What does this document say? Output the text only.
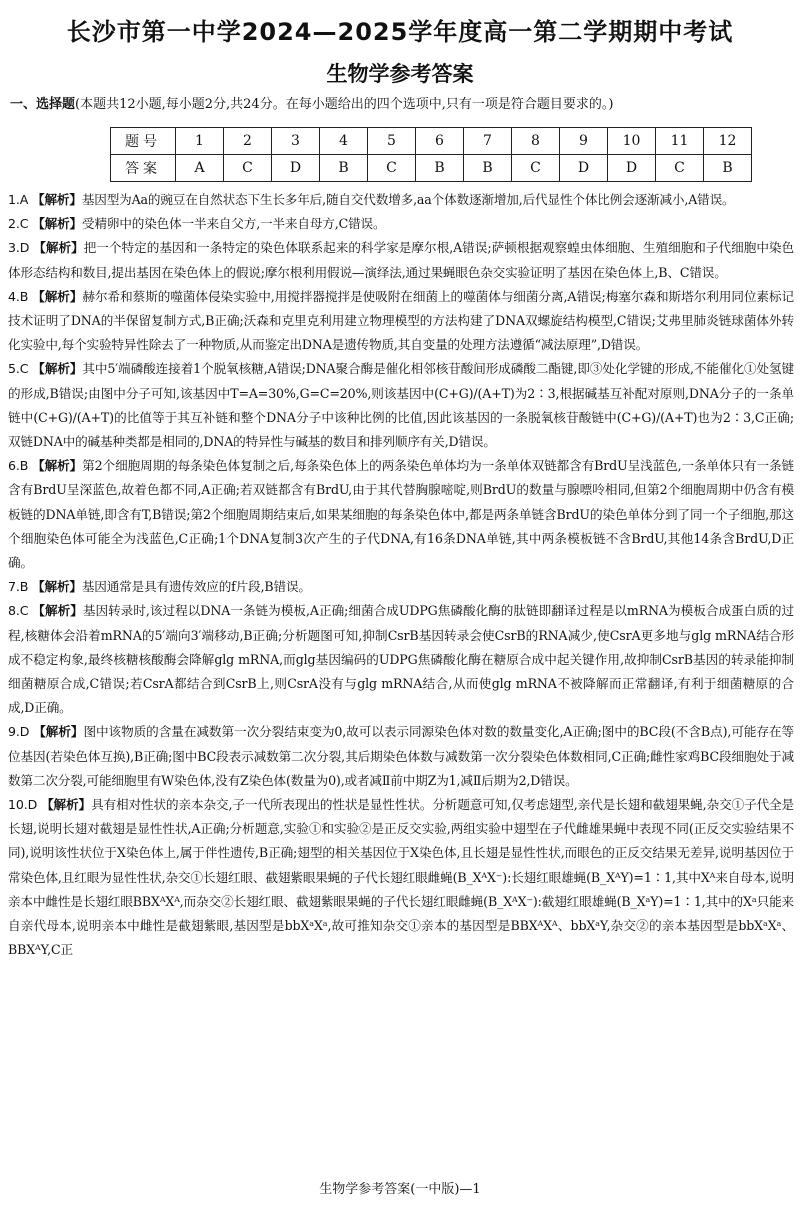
长沙市第一中学2024—2025学年度高一第二学期期中考试
生物学参考答案
一、选择题(本题共12小题,每小题2分,共24分。在每小题给出的四个选项中,只有一项是符合题目要求的。)
题号	1	2	3	4	5	6	7	8	9	10	11	12
答案	A	C	D	B	C	B	B	C	D	D	C	B

1.A 【解析】基因型为Aa的豌豆在自然状态下生长多年后,随自交代数增多,aa个体数逐渐增加,后代显性个体比例会逐渐减小,A错误。

2.C 【解析】受精卵中的染色体一半来自父方,一半来自母方,C错误。

3.D 【解析】把一个特定的基因和一条特定的染色体联系起来的科学家是摩尔根,A错误;萨顿根据观察蝗虫体细胞、生殖细胞和子代细胞中染色体形态结构和数目,提出基因在染色体上的假说;摩尔根利用假说—演绎法,通过果蝇眼色杂交实验证明了基因在染色体上,B、C错误。

4.B 【解析】赫尔希和蔡斯的噬菌体侵染实验中,用搅拌器搅拌是使吸附在细菌上的噬菌体与细菌分离,A错误;梅塞尔森和斯塔尔利用同位素标记技术证明了DNA的半保留复制方式,B正确;沃森和克里克利用建立物理模型的方法构建了DNA双螺旋结构模型,C错误;艾弗里肺炎链球菌体外转化实验中,每个实验特异性除去了一种物质,从而鉴定出DNA是遗传物质,其自变量的处理方法遵循“减法原理”,D错误。

5.C 【解析】其中5′端磷酸连接着1个脱氧核糖,A错误;DNA聚合酶是催化相邻核苷酸间形成磷酸二酯键,即③处化学键的形成,不能催化①处氢键的形成,B错误;由图中分子可知,该基因中T=A=30%,G=C=20%,则该基因中(C+G)/(A+T)为2∶3,根据碱基互补配对原则,DNA分子的一条单链中(C+G)/(A+T)的比值等于其互补链和整个DNA分子中该种比例的比值,因此该基因的一条脱氧核苷酸链中(C+G)/(A+T)也为2∶3,C正确;双链DNA中的碱基种类都是相同的,DNA的特异性与碱基的数目和排列顺序有关,D错误。

6.B 【解析】第2个细胞周期的每条染色体复制之后,每条染色体上的两条染色单体均为一条单体双链都含有BrdU呈浅蓝色,一条单体只有一条链含有BrdU呈深蓝色,故着色都不同,A正确;若双链都含有BrdU,由于其代替胸腺嘧啶,则BrdU的数量与腺嘌呤相同,但第2个细胞周期中仍含有模板链的DNA单链,即含有T,B错误;第2个细胞周期结束后,如果某细胞的每条染色体中,都是两条单链含BrdU的染色单体分到了同一个子细胞,那这个细胞染色体可能全为浅蓝色,C正确;1个DNA复制3次产生的子代DNA,有16条DNA单链,其中两条模板链不含BrdU,其他14条含BrdU,D正确。

7.B 【解析】基因通常是具有遗传效应的f片段,B错误。

8.C 【解析】基因转录时,该过程以DNA一条链为模板,A正确;细菌合成UDPG焦磷酸化酶的肽链即翻译过程是以mRNA为模板合成蛋白质的过程,核糖体会沿着mRNA的5′端向3′端移动,B正确;分析题图可知,抑制CsrB基因转录会使CsrB的RNA减少,使CsrA更多地与glg mRNA结合形成不稳定构象,最终核糖核酸酶会降解glg mRNA,而glg基因编码的UDPG焦磷酸化酶在糖原合成中起关键作用,故抑制CsrB基因的转录能抑制细菌糖原合成,C错误;若CsrA都结合到CsrB上,则CsrA没有与glg mRNA结合,从而使glg mRNA不被降解而正常翻译,有利于细菌糖原的合成,D正确。

9.D 【解析】图中该物质的含量在减数第一次分裂结束变为0,故可以表示同源染色体对数的数量变化,A正确;图中的BC段(不含B点),可能存在等位基因(若染色体互换),B正确;图中BC段表示减数第二次分裂,其后期染色体数与减数第一次分裂染色体数相同,C正确;雌性家鸡BC段细胞处于减数第二次分裂,可能细胞里有W染色体,没有Z染色体(数量为0),或者减Ⅱ前中期Z为1,减Ⅱ后期为2,D错误。

10.D 【解析】具有相对性状的亲本杂交,子一代所表现出的性状是显性性状。分析题意可知,仅考虑翅型,亲代是长翅和截翅果蝇,杂交①子代全是长翅,说明长翅对截翅是显性性状,A正确;分析题意,实验①和实验②是正反交实验,两组实验中翅型在子代雌雄果蝇中表现不同(正反交实验结果不同),说明该性状位于X染色体上,属于伴性遗传,B正确;翅型的相关基因位于X染色体,且长翅是显性性状,而眼色的正反交结果无差异,说明基因位于常染色体,且红眼为显性性状,杂交①长翅红眼、截翅紫眼果蝇的子代长翅红眼雌蝇(B_XᴬX⁻):长翅红眼雄蝇(B_XᴬY)=1∶1,其中Xᴬ来自母本,说明亲本中雌性是长翅红眼BBXᴬXᴬ,而杂交②长翅红眼、截翅紫眼果蝇的子代长翅红眼雌蝇(B_XᴬX⁻):截翅红眼雄蝇(B_XᵃY)=1∶1,其中的Xᵃ只能来自亲代母本,说明亲本中雌性是截翅紫眼,基因型是bbXᵃXᵃ,故可推知杂交①亲本的基因型是BBXᴬXᴬ、bbXᵃY,杂交②的亲本基因型是bbXᵃXᵃ、BBXᴬY,C正

生物学参考答案(一中版)—1
